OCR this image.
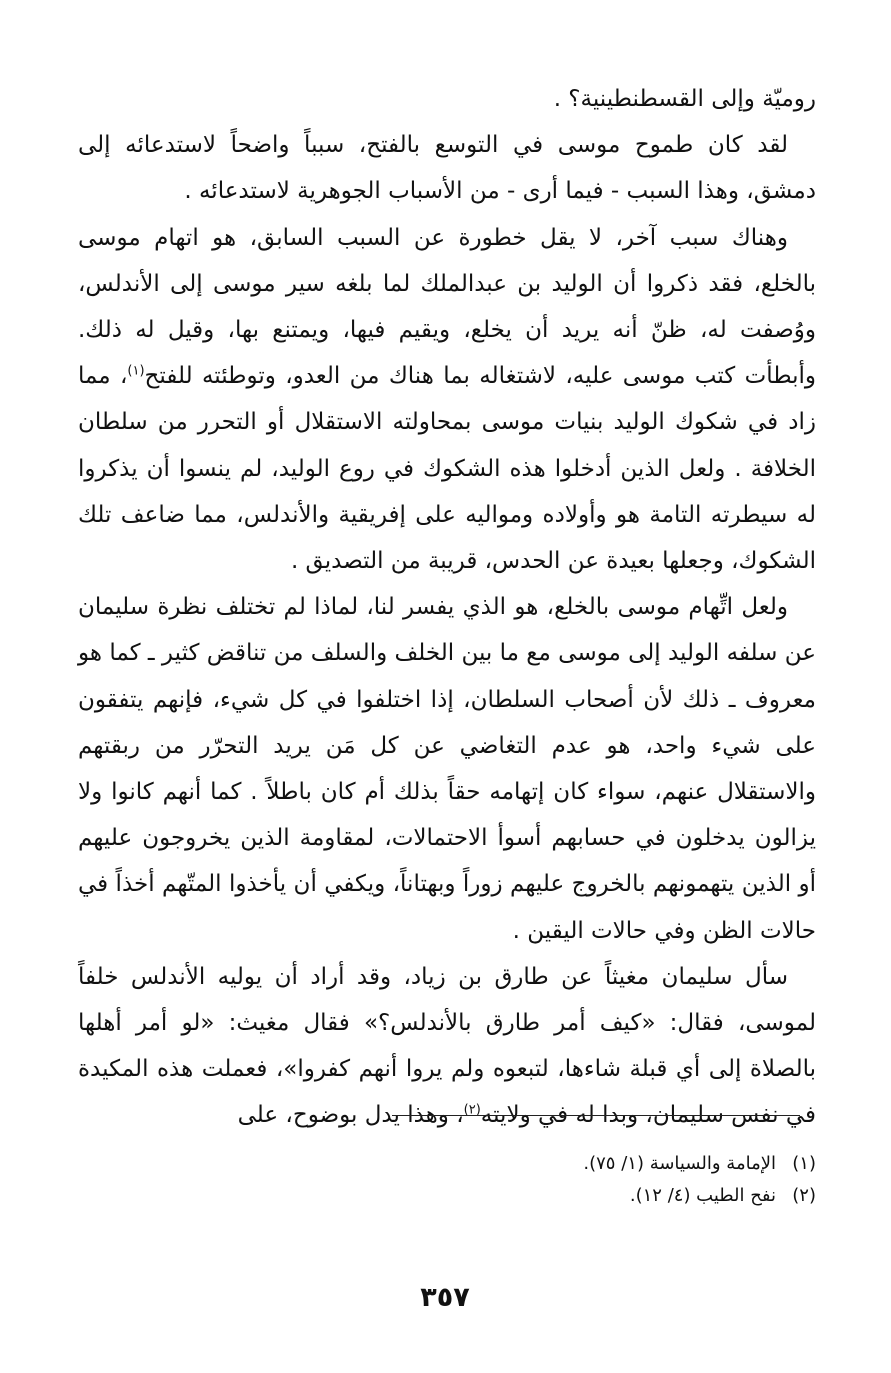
روميّة وإلى القسطنطينية؟ .

لقد كان طموح موسى في التوسع بالفتح، سبباً واضحاً لاستدعائه إلى دمشق، وهذا السبب - فيما أرى - من الأسباب الجوهرية لاستدعائه .

وهناك سبب آخر، لا يقل خطورة عن السبب السابق، هو اتهام موسى بالخلع، فقد ذكروا أن الوليد بن عبدالملك لما بلغه سير موسى إلى الأندلس، ووُصفت له، ظنّ أنه يريد أن يخلع، ويقيم فيها، ويمتنع بها، وقيل له ذلك. وأبطأت كتب موسى عليه، لاشتغاله بما هناك من العدو، وتوطئته للفتح$^{(١)}$، مما زاد في شكوك الوليد بنيات موسى بمحاولته الاستقلال أو التحرر من سلطان الخلافة . ولعل الذين أدخلوا هذه الشكوك في روع الوليد، لم ينسوا أن يذكروا له سيطرته التامة هو وأولاده ومواليه على إفريقية والأندلس، مما ضاعف تلك الشكوك، وجعلها بعيدة عن الحدس، قريبة من التصديق .

ولعل اتِّهام موسى بالخلع، هو الذي يفسر لنا، لماذا لم تختلف نظرة سليمان عن سلفه الوليد إلى موسى مع ما بين الخلف والسلف من تناقض كثير ـ كما هو معروف ـ ذلك لأن أصحاب السلطان، إذا اختلفوا في كل شيء، فإنهم يتفقون على شيء واحد، هو عدم التغاضي عن كل مَن يريد التحرّر من ربقتهم والاستقلال عنهم، سواء كان إتهامه حقاً بذلك أم كان باطلاً . كما أنهم كانوا ولا يزالون يدخلون في حسابهم أسوأ الاحتمالات، لمقاومة الذين يخروجون عليهم أو الذين يتهمونهم بالخروج عليهم زوراً وبهتاناً، ويكفي أن يأخذوا المتّهم أخذاً في حالات الظن وفي حالات اليقين .

سأل سليمان مغيثاً عن طارق بن زياد، وقد أراد أن يوليه الأندلس خلفاً لموسى، فقال: «كيف أمر طارق بالأندلس؟» فقال مغيث: «لو أمر أهلها بالصلاة إلى أي قبلة شاءها، لتبعوه ولم يروا أنهم كفروا»، فعملت هذه المكيدة في نفس سليمان، وبدا له في ولايته$^{(٢)}$، وهذا يدل بوضوح، على

(١)الإمامة والسياسة (١/ ٧٥).
(٢)نفح الطيب (٤/ ١٢).
٣٥٧
